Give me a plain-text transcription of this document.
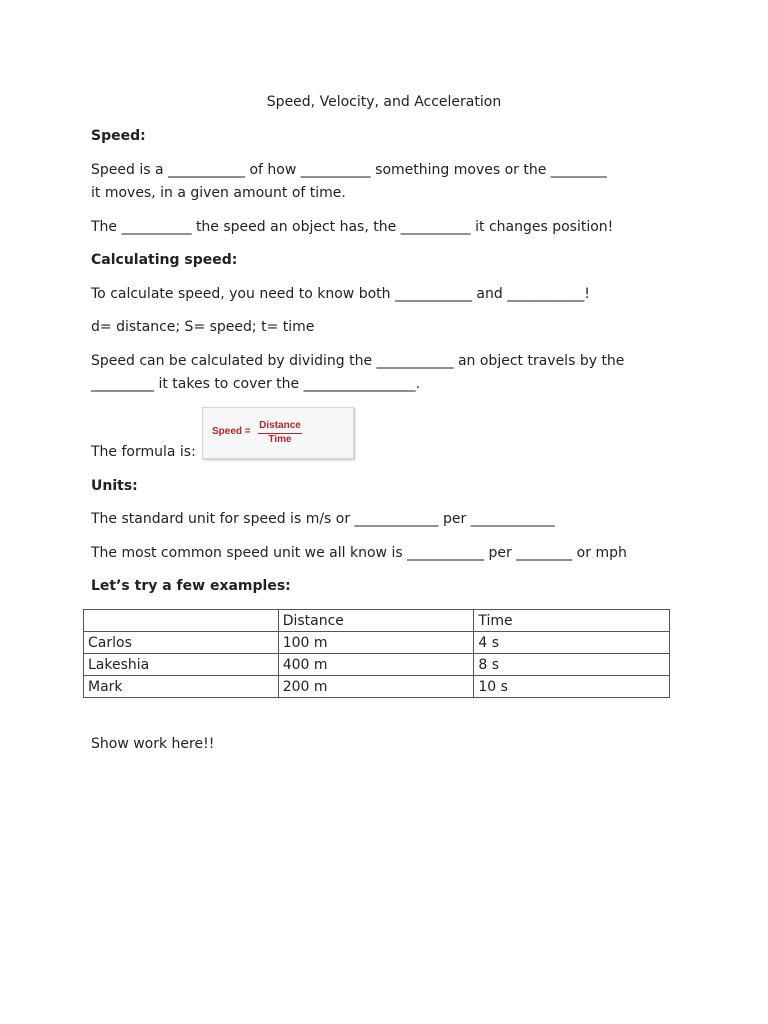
Speed, Velocity, and Acceleration
Speed:
Speed is a ___________ of how __________ something moves or the ________
it moves, in a given amount of time.
The __________ the speed an object has, the __________ it changes position!
Calculating speed:
To calculate speed, you need to know both ___________ and ___________!
d= distance; S= speed; t= time
Speed can be calculated by dividing the ___________ an object travels by the
_________ it takes to cover the ________________.
Speed =
Distance
Time
The formula is:
Units:
The standard unit for speed is m/s or ____________ per ____________
The most common speed unit we all know is ___________ per ________ or mph
Let’s try a few examples:
	Distance	Time
Carlos	100 m	4 s
Lakeshia	400 m	8 s
Mark	200 m	10 s
Show work here!!
